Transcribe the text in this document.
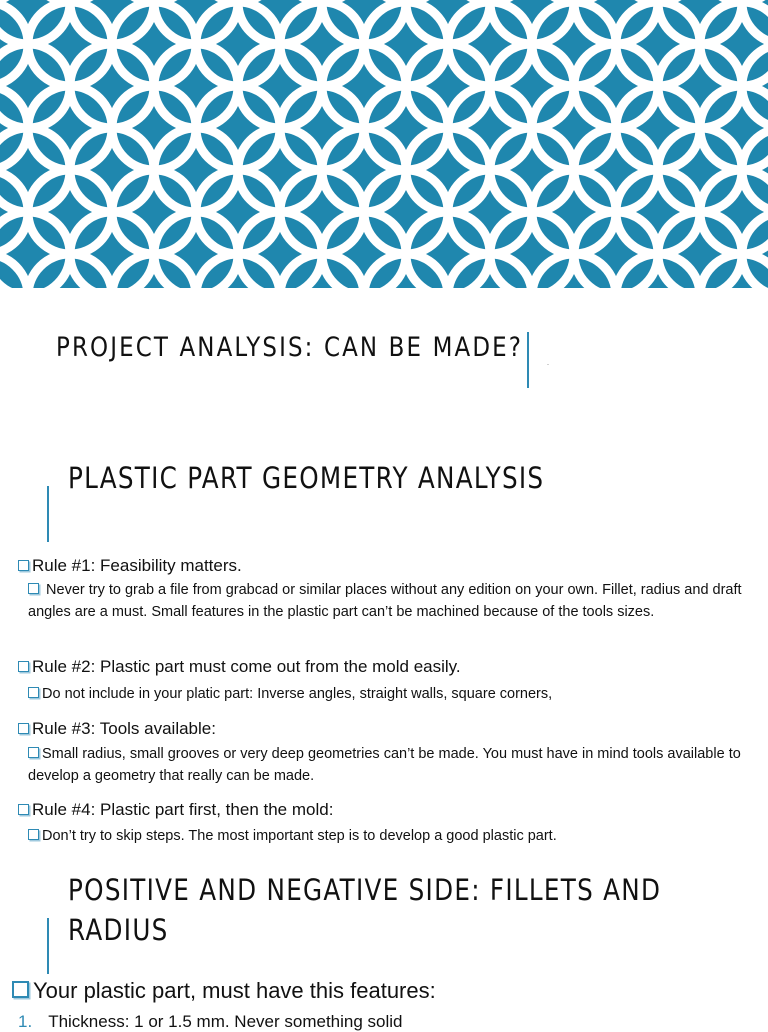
PROJECT ANALYSIS: CAN BE MADE?
-
PLASTIC PART GEOMETRY ANALYSIS
Rule #1: Feasibility matters.
Never try to grab a file from grabcad or similar places without any edition on your own. Fillet, radius and draft angles are a must. Small features in the plastic part can’t be machined because of the tools sizes.
Rule #2: Plastic part must come out from the mold easily.
Do not include in your platic part: Inverse angles, straight walls, square corners,
Rule #3: Tools available:
Small radius, small grooves or very deep geometries can’t be made. You must have in mind tools available to develop a geometry that really can be made.
Rule #4: Plastic part first, then the mold:
Don’t try to skip steps. The most important step is to develop a good plastic part.
POSITIVE AND NEGATIVE SIDE: FILLETS AND
RADIUS
Your plastic part, must have this features:
1. Thickness: 1 or 1.5 mm. Never something solid
